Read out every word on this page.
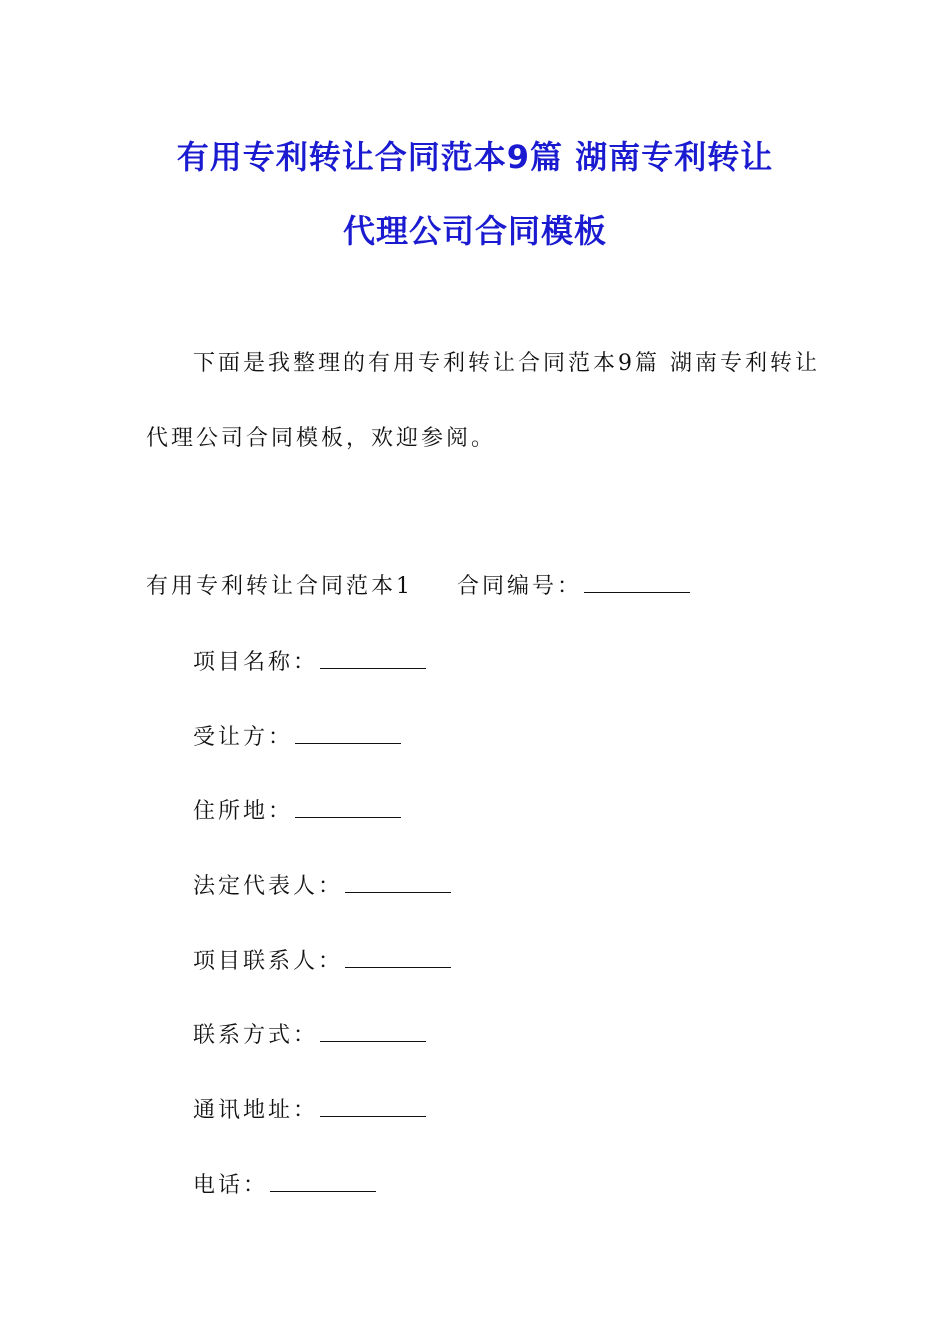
有用专利转让合同范本9篇 湖南专利转让
代理公司合同模板
下面是我整理的有用专利转让合同范本9篇 湖南专利转让
代理公司合同模板，欢迎参阅。
有用专利转让合同范本1 合同编号：
项目名称：
受让方：
住所地：
法定代表人：
项目联系人：
联系方式：
通讯地址：
电话：
